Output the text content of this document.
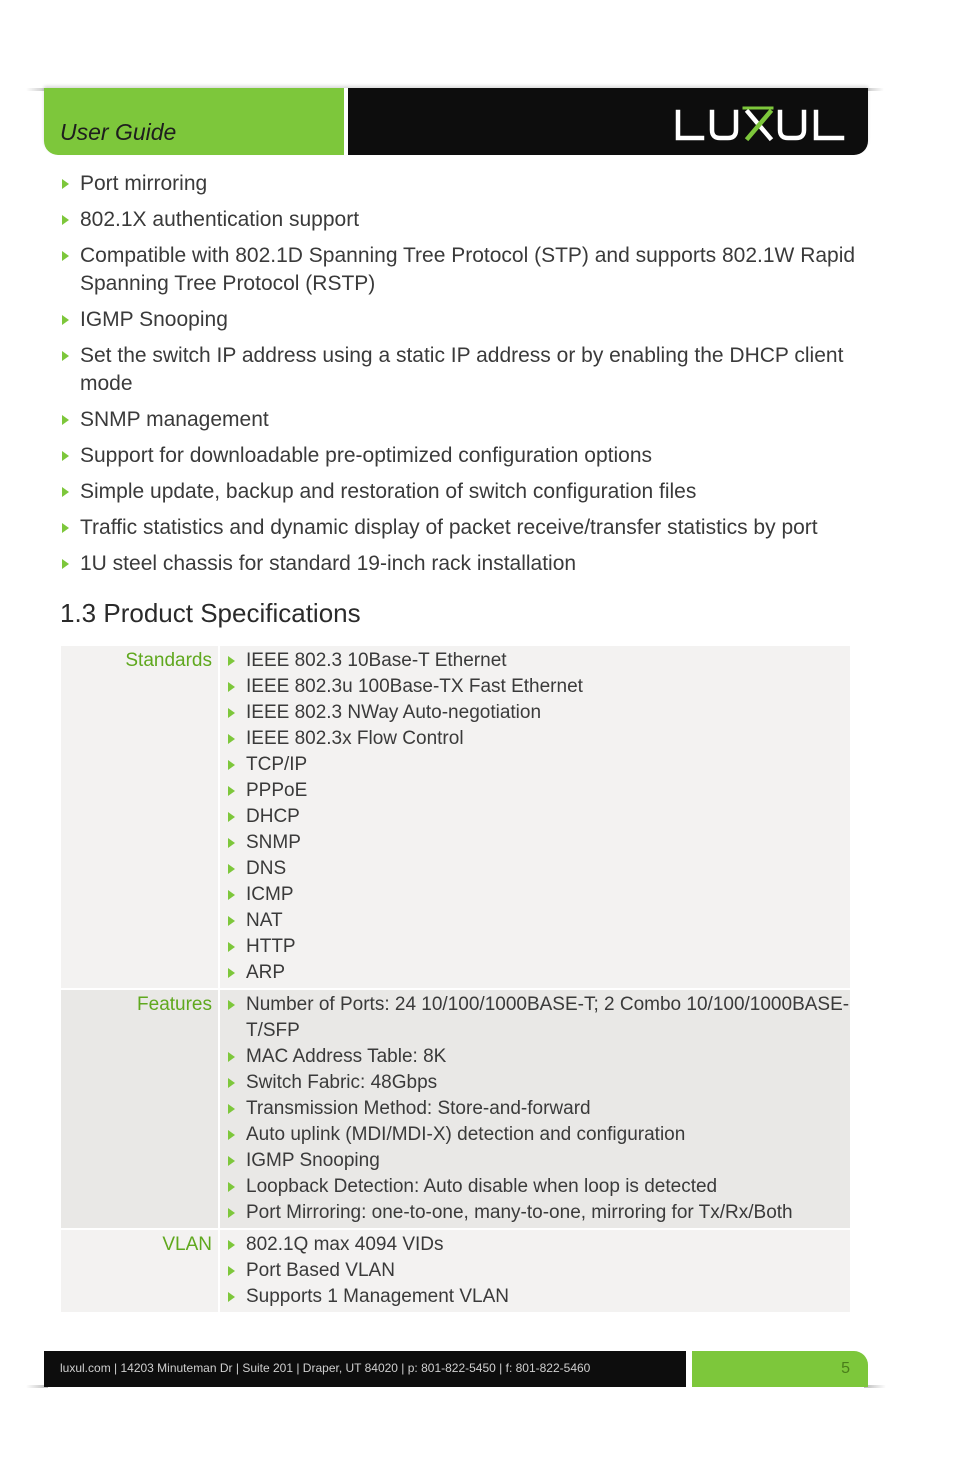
User Guide
Port mirroring
802.1X authentication support
Compatible with 802.1D Spanning Tree Protocol (STP) and supports 802.1W Rapid Spanning Tree Protocol (RSTP)
IGMP Snooping
Set the switch IP address using a static IP address or by enabling the DHCP client mode
SNMP management
Support for downloadable pre-optimized configuration options
Simple update, backup and restoration of switch configuration files
Traffic statistics and dynamic display of packet receive/transfer statistics by port
1U steel chassis for standard 19-inch rack installation
1.3 Product Specifications
Standards	IEEE 802.3 10Base-T Ethernet
IEEE 802.3u 100Base-TX Fast Ethernet
IEEE 802.3 NWay Auto-negotiation
IEEE 802.3x Flow Control
TCP/IP
PPPoE
DHCP
SNMP
DNS
ICMP
NAT
HTTP
ARP
Features	Number of Ports: 24 10/100/1000BASE-T; 2 Combo 10/100/1000BASE-T/SFP
MAC Address Table: 8K
Switch Fabric: 48Gbps
Transmission Method: Store-and-forward
Auto uplink (MDI/MDI-X) detection and configuration
IGMP Snooping
Loopback Detection: Auto disable when loop is detected
Port Mirroring: one-to-one, many-to-one, mirroring for Tx/Rx/Both
VLAN	802.1Q max 4094 VIDs
Port Based VLAN
Supports 1 Management VLAN
luxul.com | 14203 Minuteman Dr | Suite 201 | Draper, UT 84020 | p: 801-822-5450 | f: 801-822-5460	5
